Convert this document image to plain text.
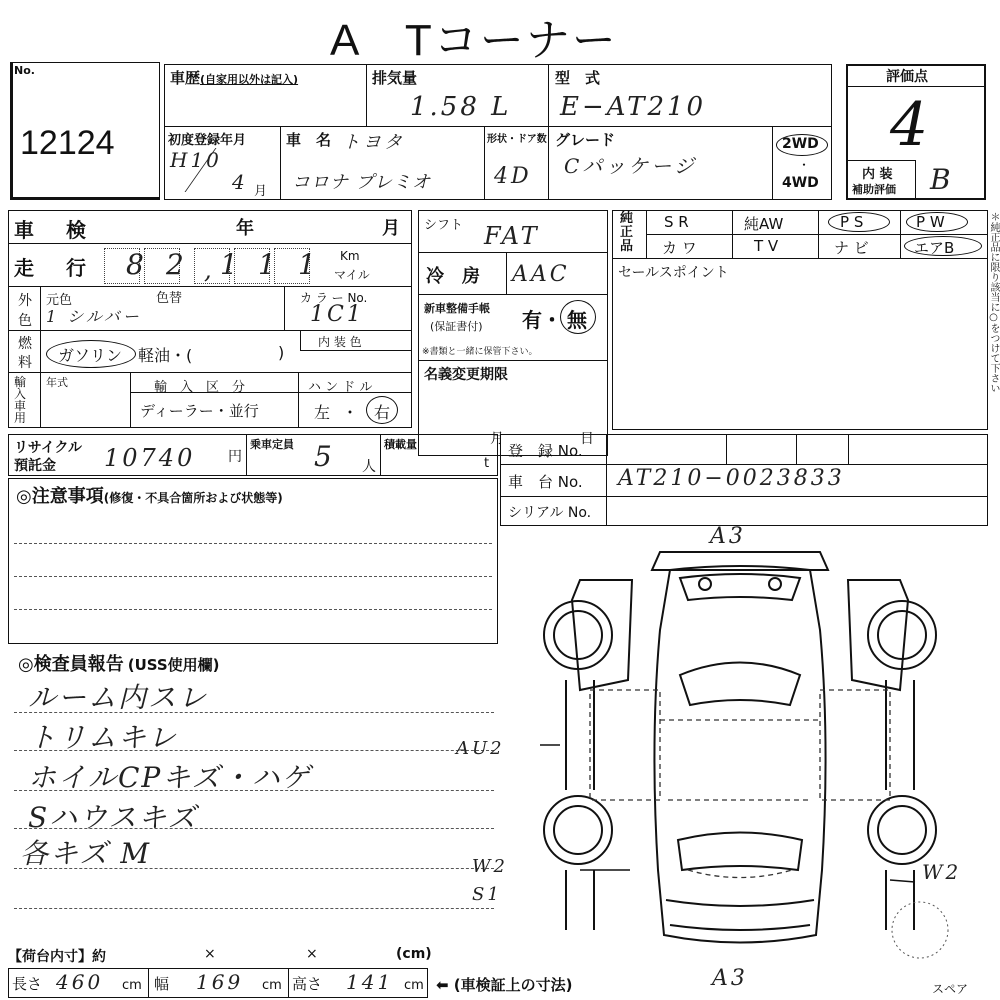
A　Tコーナー
No.
12124
車歴(自家用以外は記入)	排気量
1.58 L
型　式
E−AT210
初度登録年月
H10
4 月
車　名 トヨタ
コロナ プレミオ
形状・ドア数
4D
グレード
Cパッケージ
2WD
・
4WD
評価点
4
内 装
補助評価 B
車　検	年	月
走　行 8 2 , 1 1 1 Km
マイル
外
色
元色	色替
1 シルバー
カ ラ ー No.
1C1
燃
料 ガソリン 軽油・(	)
内 装 色
輸入車用
年式	輸　入　区　分
ディーラー・並行
ハ ン ド ル
左 ・ 右
シフト FAT
冷　房 AAC
新車整備手帳
(保証書付) 有 ・ 無
※書類と一緒に保管下さい。
名義変更期限
月	日
純正品
S R	純AW	P S	P W
カ ワ	T V	ナ ビ	エアB
セールスポイント	＊純正品に限り該当に○をつけて下さい
リサイクル
預託金 10740 円
乗車定員 5 人
積載量
t
登　録 No.
車　台 No. AT210−0023833
シリアル No.
◎注意事項(修復・不具合箇所および状態等)
◎検査員報告 (USS使用欄)
ルーム内スレ
トリムキレ
ホイルCPキズ・ハゲ
Sハウスキズ
各キズ M
A3
AU2
W2
W2
S1
A3	スペア
【荷台内寸】約	×	×	(cm)
長さ 460 cm 幅 169 cm 高さ 141 cm ⬅ (車検証上の寸法)
